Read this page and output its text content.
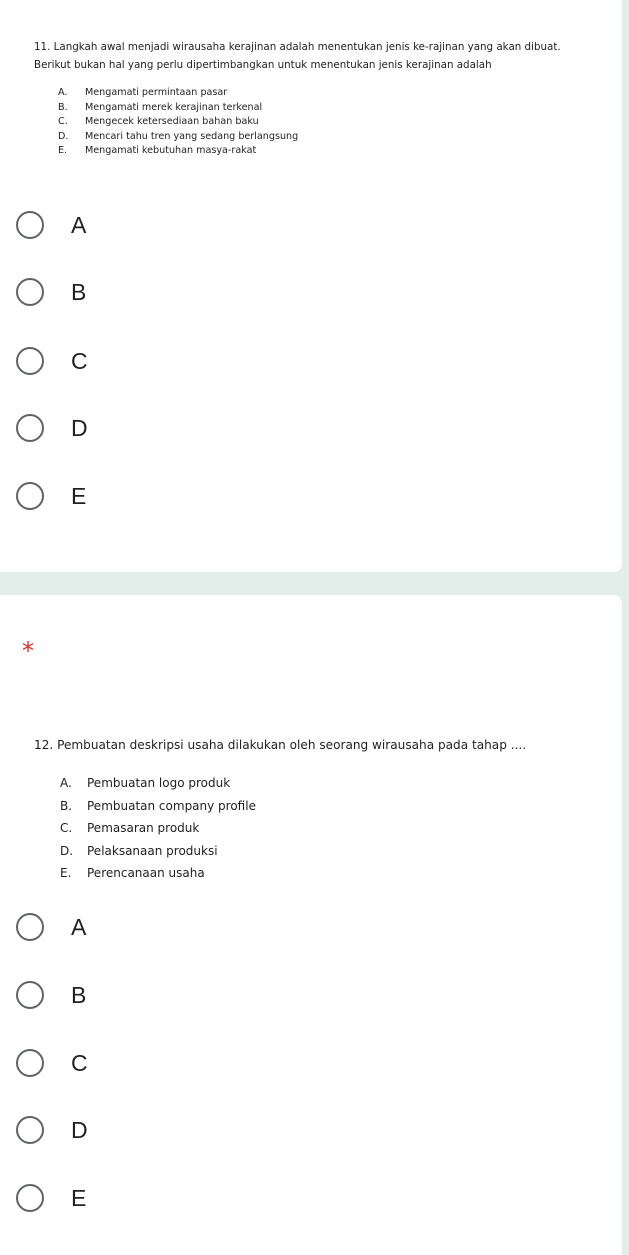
11. Langkah awal menjadi wirausaha kerajinan adalah menentukan jenis ke-rajinan yang akan dibuat.
Berikut bukan hal yang perlu dipertimbangkan untuk menentukan jenis kerajinan adalah
A. Mengamati permintaan pasar
B. Mengamati merek kerajinan terkenal
C. Mengecek ketersediaan bahan baku
D. Mencari tahu tren yang sedang berlangsung
E. Mengamati kebutuhan masya-rakat
A
B
C
D
E
*
12. Pembuatan deskripsi usaha dilakukan oleh seorang wirausaha pada tahap ....
A. Pembuatan logo produk
B. Pembuatan company profile
C. Pemasaran produk
D. Pelaksanaan produksi
E. Perencanaan usaha
A
B
C
D
E
